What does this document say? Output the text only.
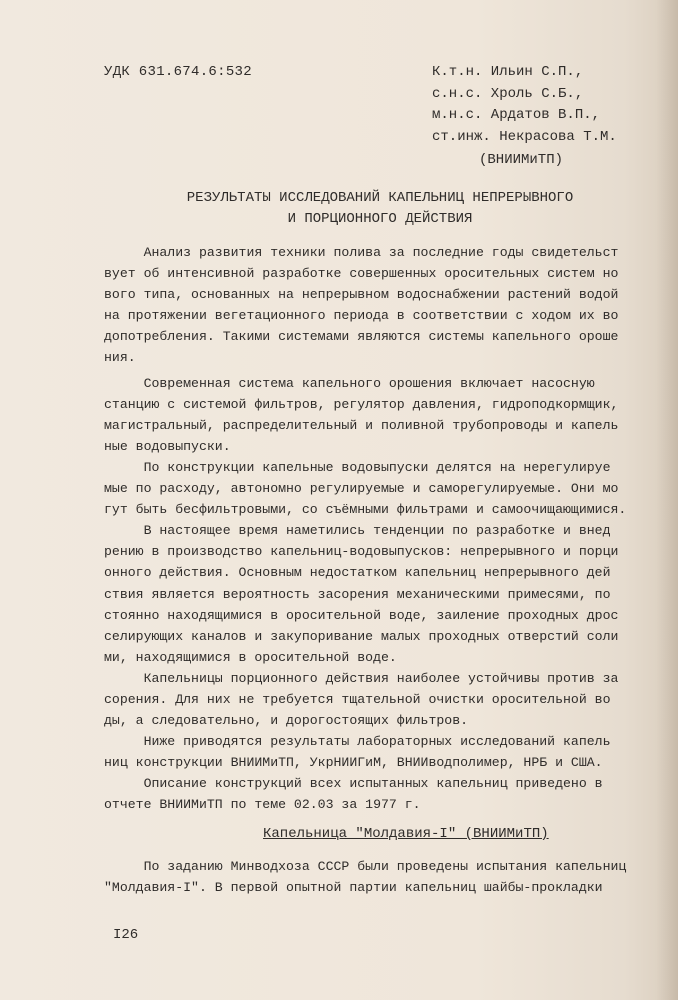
УДК 631.674.6:532	К.т.н. Ильин С.П.,
с.н.с. Хроль С.Б.,
м.н.с. Ардатов В.П.,
ст.инж. Некрасова Т.М.
(ВНИИМиТП)
РЕЗУЛЬТАТЫ ИССЛЕДОВАНИЙ КАПЕЛЬНИЦ НЕПРЕРЫВНОГО
И ПОРЦИОННОГО ДЕЙСТВИЯ
Анализ развития техники полива за последние годы свидетельст
вует об интенсивной разработке совершенных оросительных систем но
вого типа, основанных на непрерывном водоснабжении растений водой
на протяжении вегетационного периода в соответствии с ходом их во
допотребления. Такими системами являются системы капельного ороше
ния.
Современная система капельного орошения включает насосную
станцию с системой фильтров, регулятор давления, гидроподкормщик,
магистральный, распределительный и поливной трубопроводы и капель
ные водовыпуски.
По конструкции капельные водовыпуски делятся на нерегулируе
мые по расходу, автономно регулируемые и саморегулируемые. Они мо
гут быть бесфильтровыми, со съёмными фильтрами и самоочищающимися.
В настоящее время наметились тенденции по разработке и внед
рению в производство капельниц-водовыпусков: непрерывного и порци
онного действия. Основным недостатком капельниц непрерывного дей
ствия является вероятность засорения механическими примесями, по
стоянно находящимися в оросительной воде, заиление проходных дрос
селирующих каналов и закупоривание малых проходных отверстий соли
ми, находящимися в оросительной воде.
Капельницы порционного действия наиболее устойчивы против за
сорения. Для них не требуется тщательной очистки оросительной во
ды, а следовательно, и дорогостоящих фильтров.
Ниже приводятся результаты лабораторных исследований капель
ниц конструкции ВНИИМиТП, УкрНИИГиМ, ВНИИводполимер, НРБ и США.
Описание конструкций всех испытанных капельниц приведено в
отчете ВНИИМиТП по теме 02.03 за 1977 г.
Капельница "Молдавия-I" (ВНИИМиТП)
По заданию Минводхоза СССР были проведены испытания капельниц
"Молдавия-I". В первой опытной партии капельниц шайбы-прокладки
I26
